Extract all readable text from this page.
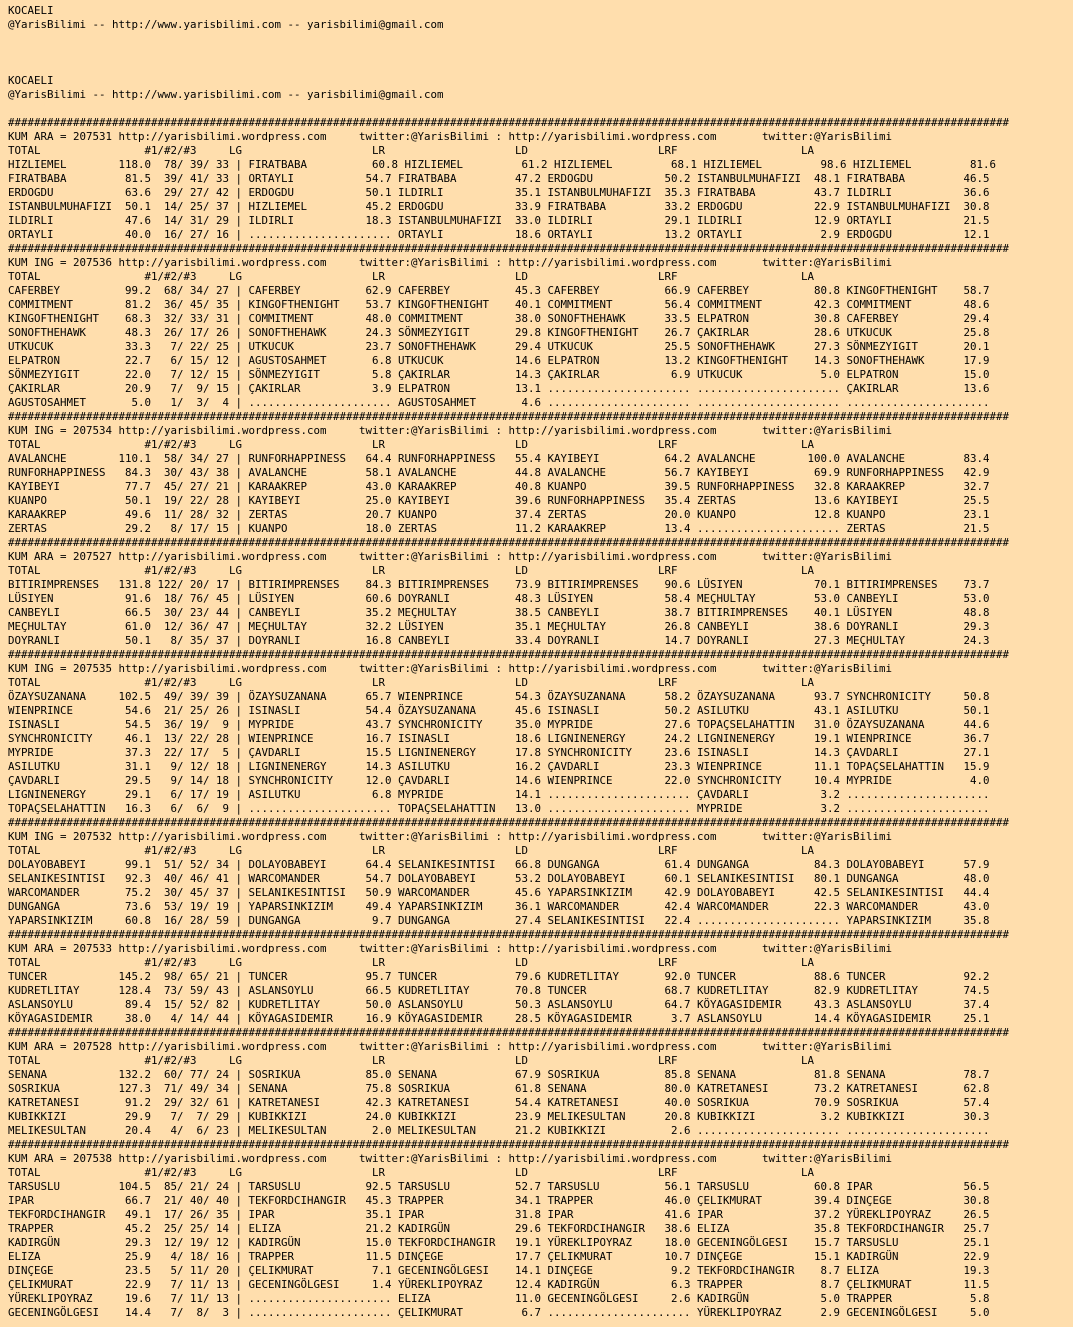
KOCAELI
@YarisBilimi -- http://www.yarisbilimi.com -- yarisbilimi@gmail.com
KOCAELI
@YarisBilimi -- http://www.yarisbilimi.com -- yarisbilimi@gmail.com
##########################################################################################################################################################
KUM ARA = 207531 http://yarisbilimi.wordpress.com     twitter:@YarisBilimi : http://yarisbilimi.wordpress.com       twitter:@YarisBilimi
TOTAL                #1/#2/#3     LG                    LR                    LD                    LRF                   LA
HIZLIEMEL        118.0  78/ 39/ 33 | FIRATBABA          60.8 HIZLIEMEL         61.2 HIZLIEMEL         68.1 HIZLIEMEL         98.6 HIZLIEMEL         81.6
FIRATBABA         81.5  39/ 41/ 33 | ORTAYLI           54.7 FIRATBABA         47.2 ERDOGDU           50.2 ISTANBULMUHAFIZI  48.1 FIRATBABA         46.5
ERDOGDU           63.6  29/ 27/ 42 | ERDOGDU           50.1 ILDIRLI           35.1 ISTANBULMUHAFIZI  35.3 FIRATBABA         43.7 ILDIRLI           36.6
ISTANBULMUHAFIZI  50.1  14/ 25/ 37 | HIZLIEMEL         45.2 ERDOGDU           33.9 FIRATBABA         33.2 ERDOGDU           22.9 ISTANBULMUHAFIZI  30.8
ILDIRLI           47.6  14/ 31/ 29 | ILDIRLI           18.3 ISTANBULMUHAFIZI  33.0 ILDIRLI           29.1 ILDIRLI           12.9 ORTAYLI           21.5
ORTAYLI           40.0  16/ 27/ 16 | ...................... ORTAYLI           18.6 ORTAYLI           13.2 ORTAYLI            2.9 ERDOGDU           12.1
##########################################################################################################################################################
KUM ING = 207536 http://yarisbilimi.wordpress.com     twitter:@YarisBilimi : http://yarisbilimi.wordpress.com       twitter:@YarisBilimi
TOTAL                #1/#2/#3     LG                    LR                    LD                    LRF                   LA
CAFERBEY          99.2  68/ 34/ 27 | CAFERBEY          62.9 CAFERBEY          45.3 CAFERBEY          66.9 CAFERBEY          80.8 KINGOFTHENIGHT    58.7
COMMITMENT        81.2  36/ 45/ 35 | KINGOFTHENIGHT    53.7 KINGOFTHENIGHT    40.1 COMMITMENT        56.4 COMMITMENT        42.3 COMMITMENT        48.6
KINGOFTHENIGHT    68.3  32/ 33/ 31 | COMMITMENT        48.0 COMMITMENT        38.0 SONOFTHEHAWK      33.5 ELPATRON          30.8 CAFERBEY          29.4
SONOFTHEHAWK      48.3  26/ 17/ 26 | SONOFTHEHAWK      24.3 SÖNMEZYIGIT       29.8 KINGOFTHENIGHT    26.7 ÇAKIRLAR          28.6 UTKUCUK           25.8
UTKUCUK           33.3   7/ 22/ 25 | UTKUCUK           23.7 SONOFTHEHAWK      29.4 UTKUCUK           25.5 SONOFTHEHAWK      27.3 SÖNMEZYIGIT       20.1
ELPATRON          22.7   6/ 15/ 12 | AGUSTOSAHMET       6.8 UTKUCUK           14.6 ELPATRON          13.2 KINGOFTHENIGHT    14.3 SONOFTHEHAWK      17.9
SÖNMEZYIGIT       22.0   7/ 12/ 15 | SÖNMEZYIGIT        5.8 ÇAKIRLAR          14.3 ÇAKIRLAR           6.9 UTKUCUK            5.0 ELPATRON          15.0
ÇAKIRLAR          20.9   7/  9/ 15 | ÇAKIRLAR           3.9 ELPATRON          13.1 ...................... ...................... ÇAKIRLAR          13.6
AGUSTOSAHMET       5.0   1/  3/  4 | ...................... AGUSTOSAHMET       4.6 ...................... ...................... ......................
##########################################################################################################################################################
KUM ING = 207534 http://yarisbilimi.wordpress.com     twitter:@YarisBilimi : http://yarisbilimi.wordpress.com       twitter:@YarisBilimi
TOTAL                #1/#2/#3     LG                    LR                    LD                    LRF                   LA
AVALANCHE        110.1  58/ 34/ 27 | RUNFORHAPPINESS   64.4 RUNFORHAPPINESS   55.4 KAYIBEYI          64.2 AVALANCHE        100.0 AVALANCHE         83.4
RUNFORHAPPINESS   84.3  30/ 43/ 38 | AVALANCHE         58.1 AVALANCHE         44.8 AVALANCHE         56.7 KAYIBEYI          69.9 RUNFORHAPPINESS   42.9
KAYIBEYI          77.7  45/ 27/ 21 | KARAAKREP         43.0 KARAAKREP         40.8 KUANPO            39.5 RUNFORHAPPINESS   32.8 KARAAKREP         32.7
KUANPO            50.1  19/ 22/ 28 | KAYIBEYI          25.0 KAYIBEYI          39.6 RUNFORHAPPINESS   35.4 ZERTAS            13.6 KAYIBEYI          25.5
KARAAKREP         49.6  11/ 28/ 32 | ZERTAS            20.7 KUANPO            37.4 ZERTAS            20.0 KUANPO            12.8 KUANPO            23.1
ZERTAS            29.2   8/ 17/ 15 | KUANPO            18.0 ZERTAS            11.2 KARAAKREP         13.4 ...................... ZERTAS            21.5
##########################################################################################################################################################
KUM ARA = 207527 http://yarisbilimi.wordpress.com     twitter:@YarisBilimi : http://yarisbilimi.wordpress.com       twitter:@YarisBilimi
TOTAL                #1/#2/#3     LG                    LR                    LD                    LRF                   LA
BITIRIMPRENSES   131.8 122/ 20/ 17 | BITIRIMPRENSES    84.3 BITIRIMPRENSES    73.9 BITIRIMPRENSES    90.6 LÜSIYEN           70.1 BITIRIMPRENSES    73.7
LÜSIYEN           91.6  18/ 76/ 45 | LÜSIYEN           60.6 DOYRANLI          48.3 LÜSIYEN           58.4 MEÇHULTAY         53.0 CANBEYLI          53.0
CANBEYLI          66.5  30/ 23/ 44 | CANBEYLI          35.2 MEÇHULTAY         38.5 CANBEYLI          38.7 BITIRIMPRENSES    40.1 LÜSIYEN           48.8
MEÇHULTAY         61.0  12/ 36/ 47 | MEÇHULTAY         32.2 LÜSIYEN           35.1 MEÇHULTAY         26.8 CANBEYLI          38.6 DOYRANLI          29.3
DOYRANLI          50.1   8/ 35/ 37 | DOYRANLI          16.8 CANBEYLI          33.4 DOYRANLI          14.7 DOYRANLI          27.3 MEÇHULTAY         24.3
##########################################################################################################################################################
KUM ING = 207535 http://yarisbilimi.wordpress.com     twitter:@YarisBilimi : http://yarisbilimi.wordpress.com       twitter:@YarisBilimi
TOTAL                #1/#2/#3     LG                    LR                    LD                    LRF                   LA
ÖZAYSUZANANA     102.5  49/ 39/ 39 | ÖZAYSUZANANA      65.7 WIENPRINCE        54.3 ÖZAYSUZANANA      58.2 ÖZAYSUZANANA      93.7 SYNCHRONICITY     50.8
WIENPRINCE        54.6  21/ 25/ 26 | ISINASLI          54.4 ÖZAYSUZANANA      45.6 ISINASLI          50.2 ASILUTKU          43.1 ASILUTKU          50.1
ISINASLI          54.5  36/ 19/  9 | MYPRIDE           43.7 SYNCHRONICITY     35.0 MYPRIDE           27.6 TOPAÇSELAHATTIN   31.0 ÖZAYSUZANANA      44.6
SYNCHRONICITY     46.1  13/ 22/ 28 | WIENPRINCE        16.7 ISINASLI          18.6 LIGNINENERGY      24.2 LIGNINENERGY      19.1 WIENPRINCE        36.7
MYPRIDE           37.3  22/ 17/  5 | ÇAVDARLI          15.5 LIGNINENERGY      17.8 SYNCHRONICITY     23.6 ISINASLI          14.3 ÇAVDARLI          27.1
ASILUTKU          31.1   9/ 12/ 18 | LIGNINENERGY      14.3 ASILUTKU          16.2 ÇAVDARLI          23.3 WIENPRINCE        11.1 TOPAÇSELAHATTIN   15.9
ÇAVDARLI          29.5   9/ 14/ 18 | SYNCHRONICITY     12.0 ÇAVDARLI          14.6 WIENPRINCE        22.0 SYNCHRONICITY     10.4 MYPRIDE            4.0
LIGNINENERGY      29.1   6/ 17/ 19 | ASILUTKU           6.8 MYPRIDE           14.1 ...................... ÇAVDARLI           3.2 ......................
TOPAÇSELAHATTIN   16.3   6/  6/  9 | ...................... TOPAÇSELAHATTIN   13.0 ...................... MYPRIDE            3.2 ......................
##########################################################################################################################################################
KUM ING = 207532 http://yarisbilimi.wordpress.com     twitter:@YarisBilimi : http://yarisbilimi.wordpress.com       twitter:@YarisBilimi
TOTAL                #1/#2/#3     LG                    LR                    LD                    LRF                   LA
DOLAYOBABEYI      99.1  51/ 52/ 34 | DOLAYOBABEYI      64.4 SELANIKESINTISI   66.8 DUNGANGA          61.4 DUNGANGA          84.3 DOLAYOBABEYI      57.9
SELANIKESINTISI   92.3  40/ 46/ 41 | WARCOMANDER       54.7 DOLAYOBABEYI      53.2 DOLAYOBABEYI      60.1 SELANIKESINTISI   80.1 DUNGANGA          48.0
WARCOMANDER       75.2  30/ 45/ 37 | SELANIKESINTISI   50.9 WARCOMANDER       45.6 YAPARSINKIZIM     42.9 DOLAYOBABEYI      42.5 SELANIKESINTISI   44.4
DUNGANGA          73.6  53/ 19/ 19 | YAPARSINKIZIM     49.4 YAPARSINKIZIM     36.1 WARCOMANDER       42.4 WARCOMANDER       22.3 WARCOMANDER       43.0
YAPARSINKIZIM     60.8  16/ 28/ 59 | DUNGANGA           9.7 DUNGANGA          27.4 SELANIKESINTISI   22.4 ...................... YAPARSINKIZIM     35.8
##########################################################################################################################################################
KUM ARA = 207533 http://yarisbilimi.wordpress.com     twitter:@YarisBilimi : http://yarisbilimi.wordpress.com       twitter:@YarisBilimi
TOTAL                #1/#2/#3     LG                    LR                    LD                    LRF                   LA
TUNCER           145.2  98/ 65/ 21 | TUNCER            95.7 TUNCER            79.6 KUDRETLITAY       92.0 TUNCER            88.6 TUNCER            92.2
KUDRETLITAY      128.4  73/ 59/ 43 | ASLANSOYLU        66.5 KUDRETLITAY       70.8 TUNCER            68.7 KUDRETLITAY       82.9 KUDRETLITAY       74.5
ASLANSOYLU        89.4  15/ 52/ 82 | KUDRETLITAY       50.0 ASLANSOYLU        50.3 ASLANSOYLU        64.7 KÖYAGASIDEMIR     43.3 ASLANSOYLU        37.4
KÖYAGASIDEMIR     38.0   4/ 14/ 44 | KÖYAGASIDEMIR     16.9 KÖYAGASIDEMIR     28.5 KÖYAGASIDEMIR      3.7 ASLANSOYLU        14.4 KÖYAGASIDEMIR     25.1
##########################################################################################################################################################
KUM ARA = 207528 http://yarisbilimi.wordpress.com     twitter:@YarisBilimi : http://yarisbilimi.wordpress.com       twitter:@YarisBilimi
TOTAL                #1/#2/#3     LG                    LR                    LD                    LRF                   LA
SENANA           132.2  60/ 77/ 24 | SOSRIKUA          85.0 SENANA            67.9 SOSRIKUA          85.8 SENANA            81.8 SENANA            78.7
SOSRIKUA         127.3  71/ 49/ 34 | SENANA            75.8 SOSRIKUA          61.8 SENANA            80.0 KATRETANESI       73.2 KATRETANESI       62.8
KATRETANESI       91.2  29/ 32/ 61 | KATRETANESI       42.3 KATRETANESI       54.4 KATRETANESI       40.0 SOSRIKUA          70.9 SOSRIKUA          57.4
KUBIKKIZI         29.9   7/  7/ 29 | KUBIKKIZI         24.0 KUBIKKIZI         23.9 MELIKESULTAN      20.8 KUBIKKIZI          3.2 KUBIKKIZI         30.3
MELIKESULTAN      20.4   4/  6/ 23 | MELIKESULTAN       2.0 MELIKESULTAN      21.2 KUBIKKIZI          2.6 ...................... ......................
##########################################################################################################################################################
KUM ARA = 207538 http://yarisbilimi.wordpress.com     twitter:@YarisBilimi : http://yarisbilimi.wordpress.com       twitter:@YarisBilimi
TOTAL                #1/#2/#3     LG                    LR                    LD                    LRF                   LA
TARSUSLU         104.5  85/ 21/ 24 | TARSUSLU          92.5 TARSUSLU          52.7 TARSUSLU          56.1 TARSUSLU          60.8 IPAR              56.5
IPAR              66.7  21/ 40/ 40 | TEKFORDCIHANGIR   45.3 TRAPPER           34.1 TRAPPER           46.0 ÇELIKMURAT        39.4 DINÇEGE           30.8
TEKFORDCIHANGIR   49.1  17/ 26/ 35 | IPAR              35.1 IPAR              31.8 IPAR              41.6 IPAR              37.2 YÜREKLIPOYRAZ     26.5
TRAPPER           45.2  25/ 25/ 14 | ELIZA             21.2 KADIRGÜN          29.6 TEKFORDCIHANGIR   38.6 ELIZA             35.8 TEKFORDCIHANGIR   25.7
KADIRGÜN          29.3  12/ 19/ 12 | KADIRGÜN          15.0 TEKFORDCIHANGIR   19.1 YÜREKLIPOYRAZ     18.0 GECENINGÖLGESI    15.7 TARSUSLU          25.1
ELIZA             25.9   4/ 18/ 16 | TRAPPER           11.5 DINÇEGE           17.7 ÇELIKMURAT        10.7 DINÇEGE           15.1 KADIRGÜN          22.9
DINÇEGE           23.5   5/ 11/ 20 | ÇELIKMURAT         7.1 GECENINGÖLGESI    14.1 DINÇEGE            9.2 TEKFORDCIHANGIR    8.7 ELIZA             19.3
ÇELIKMURAT        22.9   7/ 11/ 13 | GECENINGÖLGESI     1.4 YÜREKLIPOYRAZ     12.4 KADIRGÜN           6.3 TRAPPER            8.7 ÇELIKMURAT        11.5
YÜREKLIPOYRAZ     19.6   7/ 11/ 13 | ...................... ELIZA             11.0 GECENINGÖLGESI     2.6 KADIRGÜN           5.0 TRAPPER            5.8
GECENINGÖLGESI    14.4   7/  8/  3 | ...................... ÇELIKMURAT         6.7 ...................... YÜREKLIPOYRAZ      2.9 GECENINGÖLGESI     5.0
